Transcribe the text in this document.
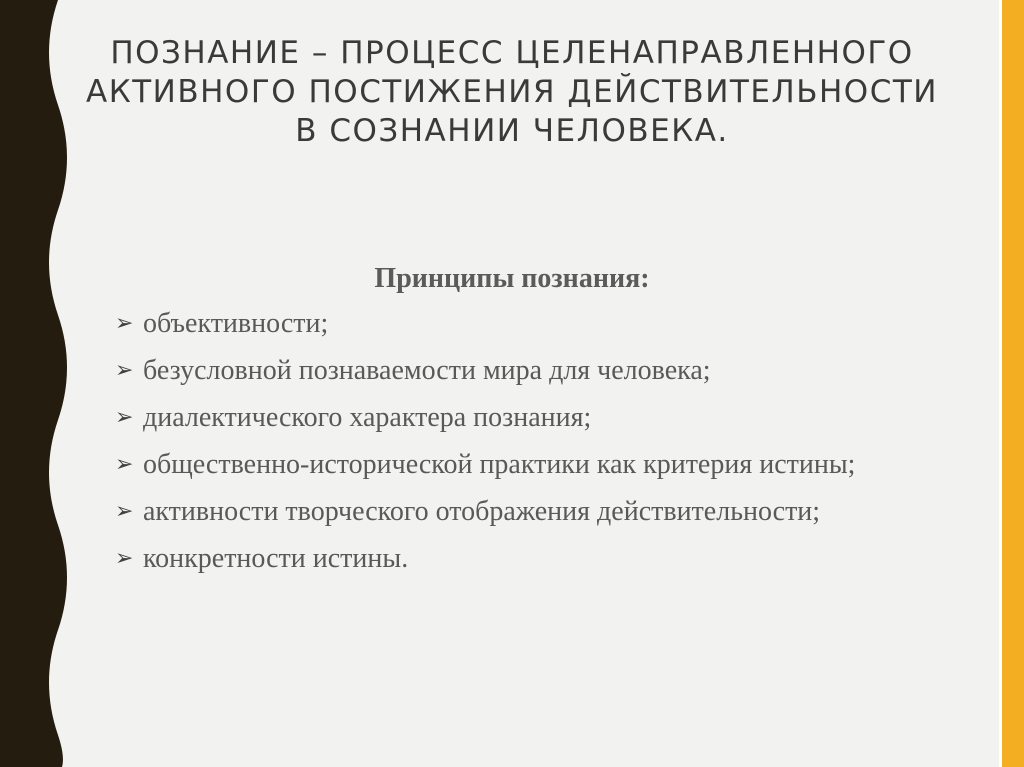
ПОЗНАНИЕ – ПРОЦЕСС ЦЕЛЕНАПРАВЛЕННОГО
АКТИВНОГО ПОСТИЖЕНИЯ ДЕЙСТВИТЕЛЬНОСТИ
В СОЗНАНИИ ЧЕЛОВЕКА.

Принципы познания:

➢ объективности;
➢ безусловной познаваемости мира для человека;
➢ диалектического характера познания;
➢ общественно-исторической практики как критерия истины;
➢ активности творческого отображения действительности;
➢ конкретности истины.
